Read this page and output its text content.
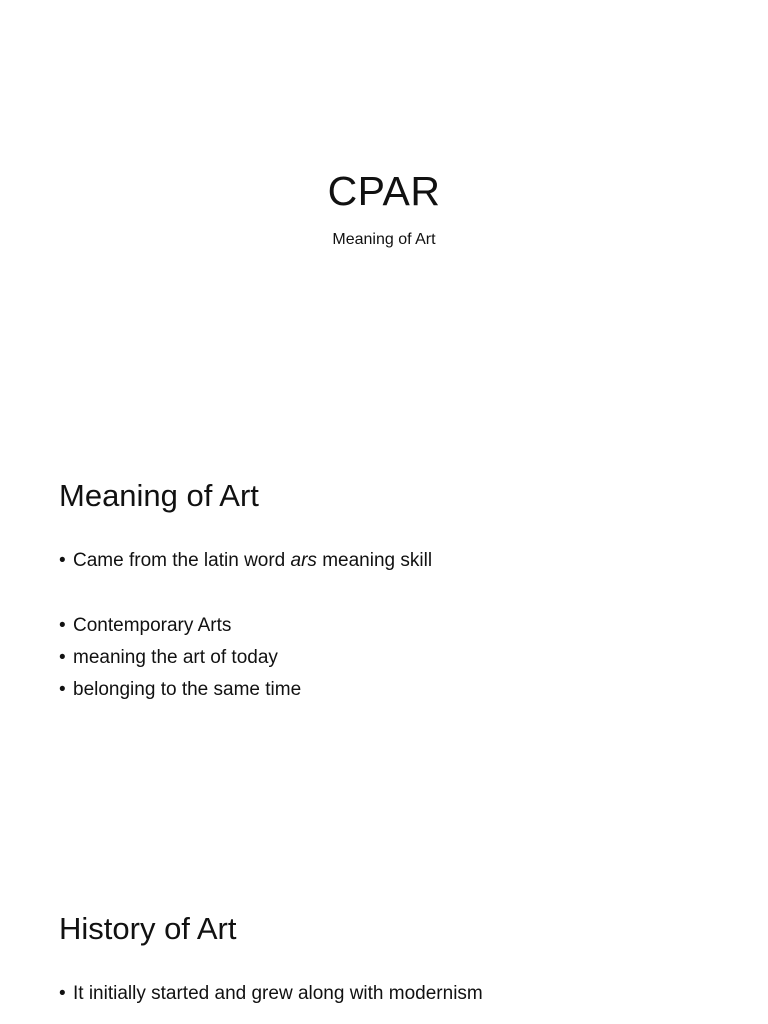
CPAR

Meaning of Art

Meaning of Art
• Came from the latin word ars meaning skill
• Contemporary Arts
• meaning the art of today
• belonging to the same time
History of Art
• It initially started and grew along with modernism
